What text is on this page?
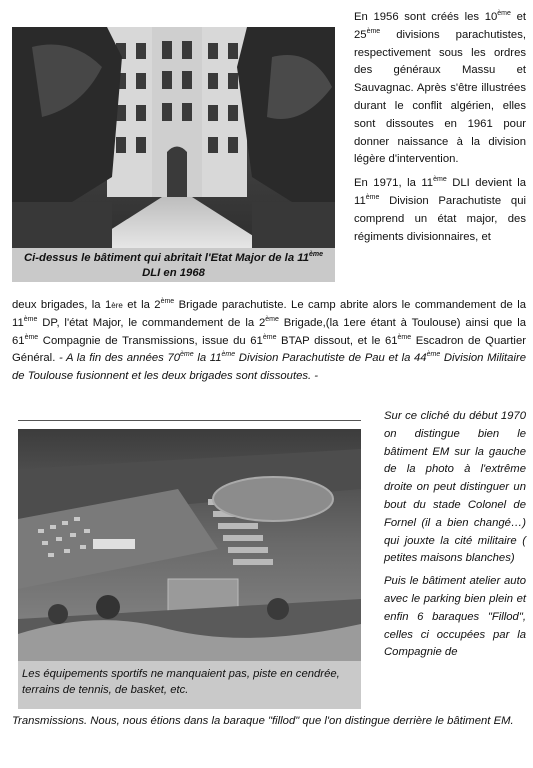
Ci-dessus le bâtiment qui abritait l'Etat Major de la 11ème DLI en 1968

En 1956 sont créés les 10ème et 25ème divisions parachutistes, respectivement sous les ordres des généraux Massu et Sauvagnac. Après s'être illustrées durant le conflit algérien, elles sont dissoutes en 1961 pour donner naissance à la division légère d'intervention.

En 1971, la 11ème DLI devient la 11ème Division Parachutiste qui comprend un état major, des régiments divisionnaires, et

deux brigades, la 1ère et la 2ème Brigade parachutiste. Le camp abrite alors le commandement de la 11ème DP, l'état Major, le commandement de la 2ème Brigade,(la 1ere étant à Toulouse) ainsi que la 61ème Compagnie de Transmissions, issue du 61ème BTAP dissout, et le 61ème Escadron de Quartier Général. - A la fin des années 70ème la 11ème Division Parachutiste de Pau et la 44ème Division Militaire de Toulouse fusionnent et les deux brigades sont dissoutes. -
Les équipements sportifs ne manquaient pas, piste en cendrée, terrains de tennis, de basket, etc.

Sur ce cliché du début 1970 on distingue bien le bâtiment EM sur la gauche de la photo à l'extrême droite on peut distinguer un bout du stade Colonel de Fornel (il a bien changé…) qui jouxte la cité militaire ( petites maisons blanches)

Puis le bâtiment atelier auto avec le parking bien plein et enfin 6 baraques "Fillod", celles ci occupées par la Compagnie de

Transmissions. Nous, nous étions dans la baraque "fillod" que l'on distingue derrière le bâtiment EM.
